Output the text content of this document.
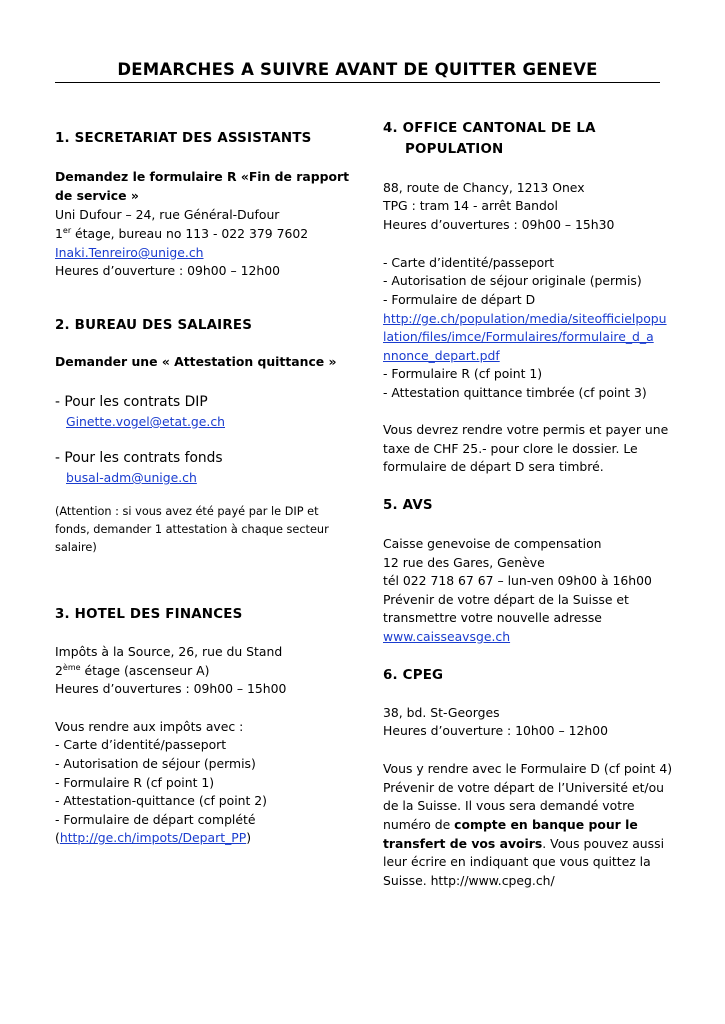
DEMARCHES A SUIVRE AVANT DE QUITTER GENEVE
1. SECRETARIAT DES ASSISTANTS
Demandez le formulaire R «Fin de rapport
de service »
Uni Dufour – 24, rue Général-Dufour
1er étage, bureau no 113 - 022 379 7602
Inaki.Tenreiro@unige.ch
Heures d’ouverture : 09h00 – 12h00
2. BUREAU DES SALAIRES
Demander une « Attestation quittance »
- Pour les contrats DIP
Ginette.vogel@etat.ge.ch
- Pour les contrats fonds
busal-adm@unige.ch
(Attention : si vous avez été payé par le DIP et
fonds, demander 1 attestation à chaque secteur
salaire)
3. HOTEL DES FINANCES
Impôts à la Source, 26, rue du Stand
2ème étage (ascenseur A)
Heures d’ouvertures : 09h00 – 15h00
Vous rendre aux impôts avec :
- Carte d’identité/passeport
- Autorisation de séjour (permis)
- Formulaire R (cf point 1)
- Attestation-quittance (cf point 2)
- Formulaire de départ complété
(http://ge.ch/impots/Depart_PP)
4. OFFICE CANTONAL DE LA
POPULATION
88, route de Chancy, 1213 Onex
TPG : tram 14 - arrêt Bandol
Heures d’ouvertures : 09h00 – 15h30
- Carte d’identité/passeport
- Autorisation de séjour originale (permis)
- Formulaire de départ D
http://ge.ch/population/media/siteofficielpopu
lation/files/imce/Formulaires/formulaire_d_a
nnonce_depart.pdf
- Formulaire R (cf point 1)
- Attestation quittance timbrée (cf point 3)
Vous devrez rendre votre permis et payer une
taxe de CHF 25.- pour clore le dossier. Le
formulaire de départ D sera timbré.
5. AVS
Caisse genevoise de compensation
12 rue des Gares, Genève
tél 022 718 67 67 – lun-ven 09h00 à 16h00
Prévenir de votre départ de la Suisse et
transmettre votre nouvelle adresse
www.caisseavsge.ch
6. CPEG
38, bd. St-Georges
Heures d’ouverture : 10h00 – 12h00
Vous y rendre avec le Formulaire D (cf point 4)
Prévenir de votre départ de l’Université et/ou
de la Suisse. Il vous sera demandé votre
numéro de compte en banque pour le
transfert de vos avoirs. Vous pouvez aussi
leur écrire en indiquant que vous quittez la
Suisse. http://www.cpeg.ch/
